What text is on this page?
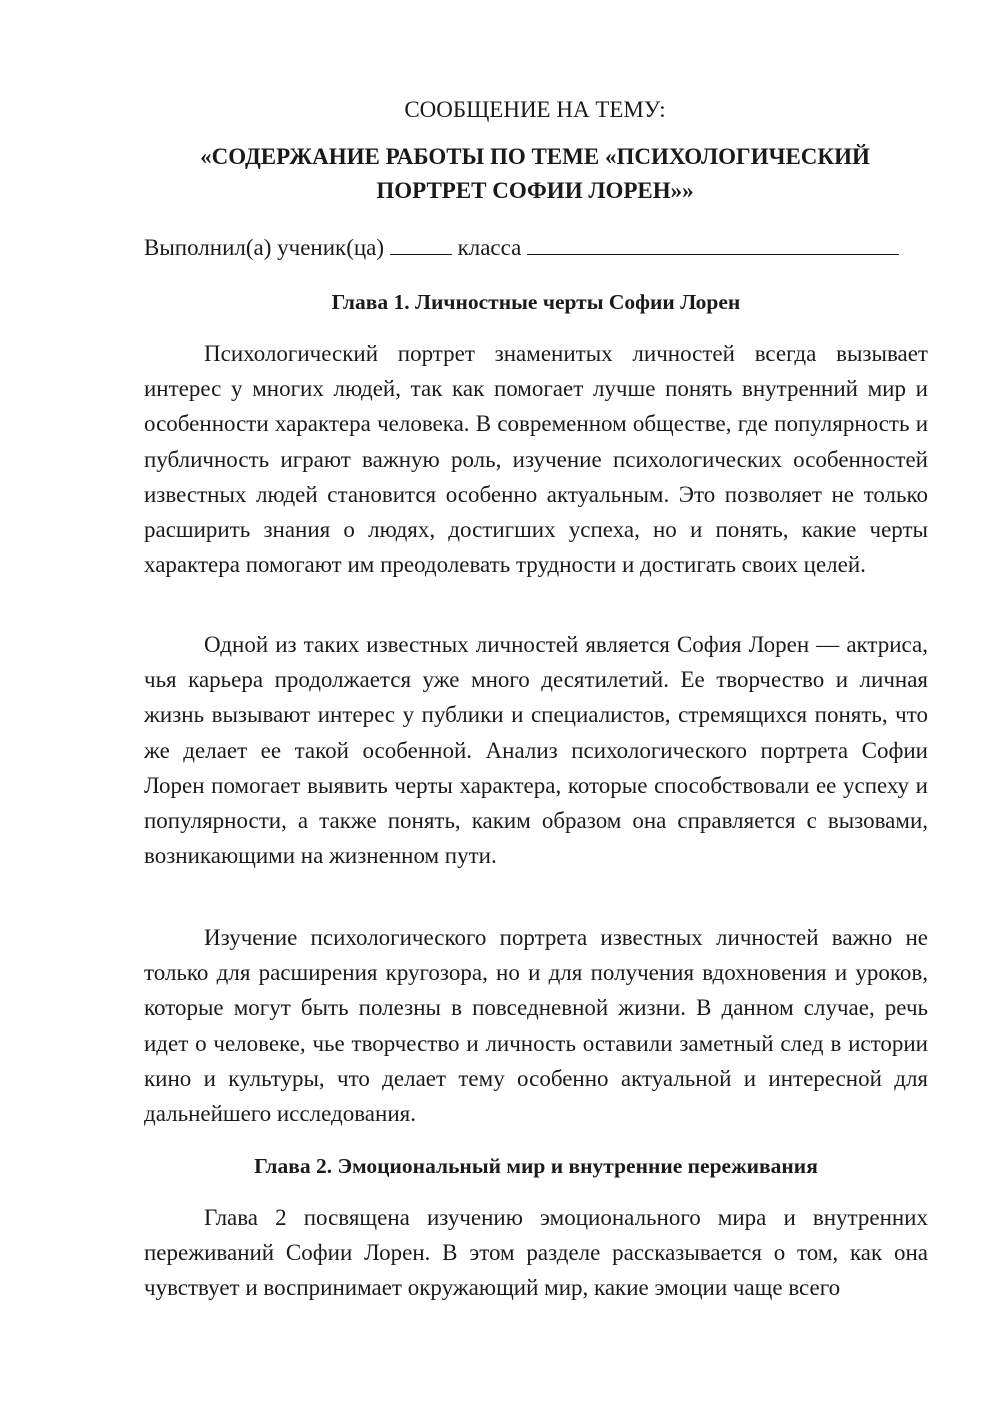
СООБЩЕНИЕ НА ТЕМУ:

«СОДЕРЖАНИЕ РАБОТЫ ПО ТЕМЕ «ПСИХОЛОГИЧЕСКИЙ

ПОРТРЕТ СОФИИ ЛОРЕН»»

Выполнил(а) ученик(ца)	класса

Глава 1. Личностные черты Софии Лорен

Психологический портрет знаменитых личностей всегда вызывает интерес у многих людей, так как помогает лучше понять внутренний мир и особенности характера человека. В современном обществе, где популярность и публичность играют важную роль, изучение психологических особенностей известных людей становится особенно актуальным. Это позволяет не только расширить знания о людях, достигших успеха, но и понять, какие черты характера помогают им преодолевать трудности и достигать своих целей.

Одной из таких известных личностей является София Лорен — актриса, чья карьера продолжается уже много десятилетий. Ее творчество и личная жизнь вызывают интерес у публики и специалистов, стремящихся понять, что же делает ее такой особенной. Анализ психологического портрета Софии Лорен помогает выявить черты характера, которые способствовали ее успеху и популярности, а также понять, каким образом она справляется с вызовами, возникающими на жизненном пути.

Изучение психологического портрета известных личностей важно не только для расширения кругозора, но и для получения вдохновения и уроков, которые могут быть полезны в повседневной жизни. В данном случае, речь идет о человеке, чье творчество и личность оставили заметный след в истории кино и культуры, что делает тему особенно актуальной и интересной для дальнейшего исследования.

Глава 2. Эмоциональный мир и внутренние переживания

Глава 2 посвящена изучению эмоционального мира и внутренних переживаний Софии Лорен. В этом разделе рассказывается о том, как она чувствует и воспринимает окружающий мир, какие эмоции чаще всего
